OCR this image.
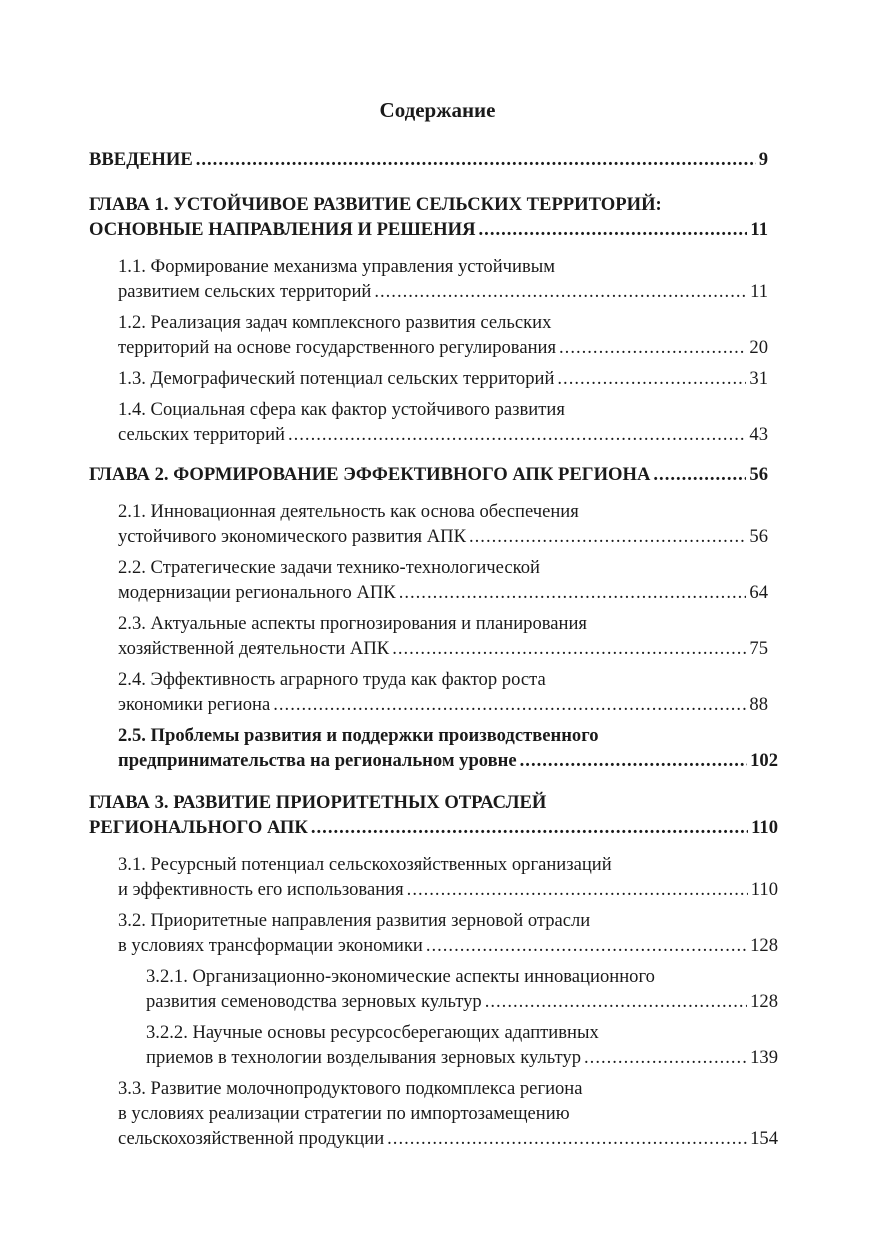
Содержание
ВВЕДЕНИЕ .....	9
ГЛАВА 1. УСТОЙЧИВОЕ РАЗВИТИЕ СЕЛЬСКИХ ТЕРРИТОРИЙ:
ОСНОВНЫЕ НАПРАВЛЕНИЯ И РЕШЕНИЯ .....	11
1.1. Формирование механизма управления устойчивым
развитием сельских территорий .....	11
1.2. Реализация задач комплексного развития сельских
территорий на основе государственного регулирования .....	20
1.3. Демографический потенциал сельских территорий .....	31
1.4. Социальная сфера как фактор устойчивого развития
сельских территорий .....	43
ГЛАВА 2. ФОРМИРОВАНИЕ ЭФФЕКТИВНОГО АПК РЕГИОНА .....	56
2.1. Инновационная деятельность как основа обеспечения
устойчивого экономического развития АПК .....	56
2.2. Стратегические задачи технико-технологической
модернизации регионального АПК .....	64
2.3. Актуальные аспекты прогнозирования и планирования
хозяйственной деятельности АПК .....	75
2.4. Эффективность аграрного труда как фактор роста
экономики региона .....	88
2.5. Проблемы развития и поддержки производственного
предпринимательства на региональном уровне .....	102
ГЛАВА 3. РАЗВИТИЕ ПРИОРИТЕТНЫХ ОТРАСЛЕЙ
РЕГИОНАЛЬНОГО АПК .....	110
3.1. Ресурсный потенциал сельскохозяйственных организаций
и эффективность его использования .....	110
3.2. Приоритетные направления развития зерновой отрасли
в условиях трансформации экономики .....	128
3.2.1. Организационно-экономические аспекты инновационного
развития семеноводства зерновых культур .....	128
3.2.2. Научные основы ресурсосберегающих адаптивных
приемов в технологии возделывания зерновых культур .....	139
3.3. Развитие молочнопродуктового подкомплекса региона
в условиях реализации стратегии по импортозамещению
сельскохозяйственной продукции .....	154
